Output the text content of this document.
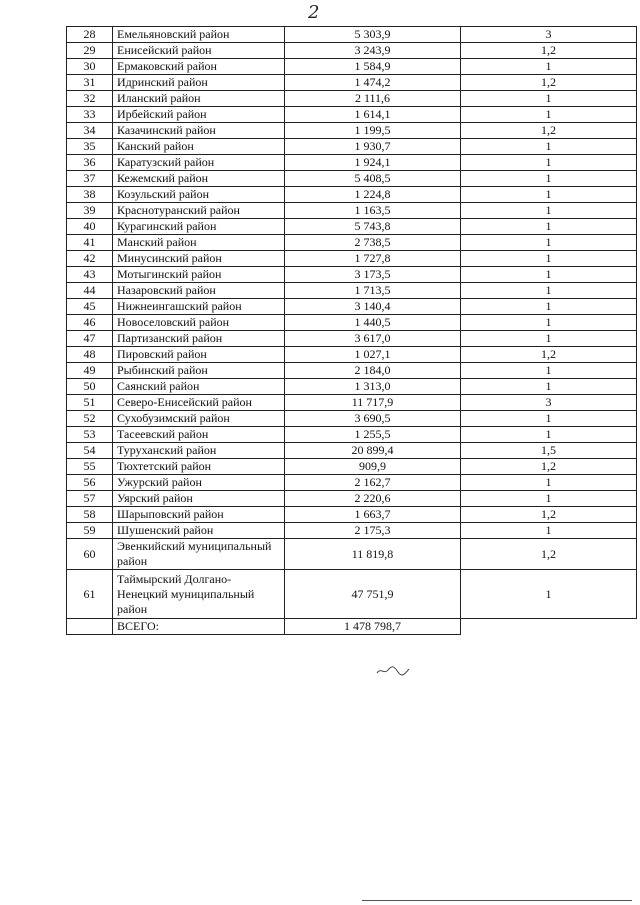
2
28	Емельяновский район	5 303,9	3
29	Енисейский район	3 243,9	1,2
30	Ермаковский район	1 584,9	1
31	Идринский район	1 474,2	1,2
32	Иланский район	2 111,6	1
33	Ирбейский район	1 614,1	1
34	Казачинский район	1 199,5	1,2
35	Канский район	1 930,7	1
36	Каратузский район	1 924,1	1
37	Кежемский район	5 408,5	1
38	Козульский район	1 224,8	1
39	Краснотуранский район	1 163,5	1
40	Курагинский район	5 743,8	1
41	Манский район	2 738,5	1
42	Минусинский район	1 727,8	1
43	Мотыгинский район	3 173,5	1
44	Назаровский район	1 713,5	1
45	Нижнеингашский район	3 140,4	1
46	Новоселовский район	1 440,5	1
47	Партизанский район	3 617,0	1
48	Пировский район	1 027,1	1,2
49	Рыбинский район	2 184,0	1
50	Саянский район	1 313,0	1
51	Северо-Енисейский район	11 717,9	3
52	Сухобузимский район	3 690,5	1
53	Тасеевский район	1 255,5	1
54	Туруханский район	20 899,4	1,5
55	Тюхтетский район	909,9	1,2
56	Ужурский район	2 162,7	1
57	Уярский район	2 220,6	1
58	Шарыповский район	1 663,7	1,2
59	Шушенский район	2 175,3	1
60	Эвенкийский муниципальный район	11 819,8	1,2
61	Таймырский Долгано-Ненецкий муниципальный район	47 751,9	1
	ВСЕГО:	1 478 798,7	
